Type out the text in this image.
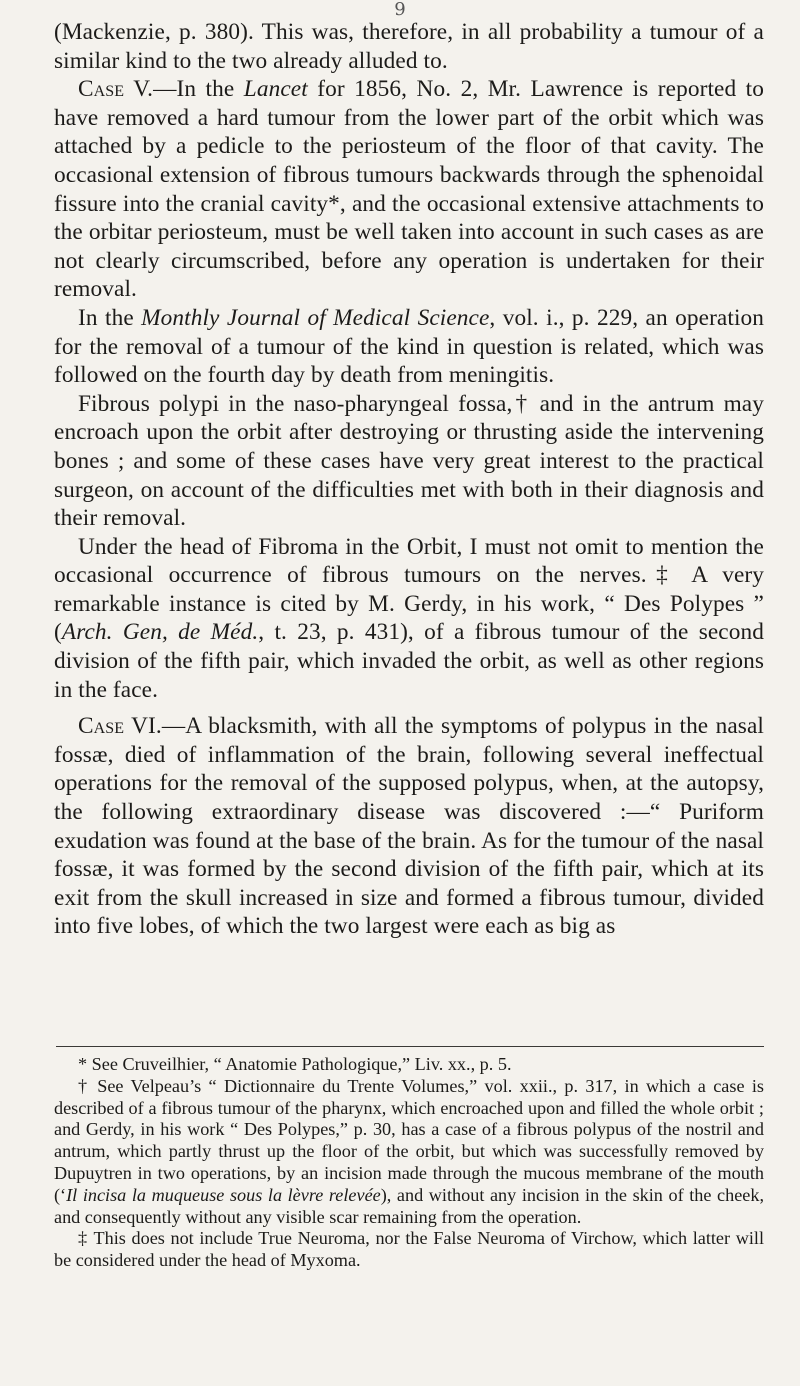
9

(Mackenzie, p. 380). This was, therefore, in all probability a tumour of a similar kind to the two already alluded to.

Case V.—In the Lancet for 1856, No. 2, Mr. Lawrence is reported to have removed a hard tumour from the lower part of the orbit which was attached by a pedicle to the periosteum of the floor of that cavity. The occasional extension of fibrous tumours backwards through the sphenoidal fissure into the cranial cavity*, and the occasional extensive attachments to the orbitar periosteum, must be well taken into account in such cases as are not clearly circumscribed, before any operation is undertaken for their removal.

In the Monthly Journal of Medical Science, vol. i., p. 229, an operation for the removal of a tumour of the kind in question is related, which was followed on the fourth day by death from meningitis.

Fibrous polypi in the naso-pharyngeal fossa,† and in the antrum may encroach upon the orbit after destroying or thrusting aside the intervening bones ; and some of these cases have very great interest to the practical surgeon, on account of the difficulties met with both in their diagnosis and their removal.

Under the head of Fibroma in the Orbit, I must not omit to mention the occasional occurrence of fibrous tumours on the nerves.‡ A very remarkable instance is cited by M. Gerdy, in his work, “ Des Polypes ” (Arch. Gen, de Méd., t. 23, p. 431), of a fibrous tumour of the second division of the fifth pair, which invaded the orbit, as well as other regions in the face.

Case VI.—A blacksmith, with all the symptoms of polypus in the nasal fossæ, died of inflammation of the brain, following several ineffectual operations for the removal of the supposed polypus, when, at the autopsy, the following extraordinary disease was discovered :—“ Puriform exudation was found at the base of the brain. As for the tumour of the nasal fossæ, it was formed by the second division of the fifth pair, which at its exit from the skull increased in size and formed a fibrous tumour, divided into five lobes, of which the two largest were each as big as

* See Cruveilhier, “ Anatomie Pathologique,” Liv. xx., p. 5.

† See Velpeau’s “ Dictionnaire du Trente Volumes,” vol. xxii., p. 317, in which a case is described of a fibrous tumour of the pharynx, which encroached upon and filled the whole orbit ; and Gerdy, in his work “ Des Polypes,” p. 30, has a case of a fibrous polypus of the nostril and antrum, which partly thrust up the floor of the orbit, but which was successfully removed by Dupuytren in two operations, by an incision made through the mucous membrane of the mouth (‘Il incisa la muqueuse sous la lèvre relevée), and without any incision in the skin of the cheek, and consequently without any visible scar remaining from the operation.

‡ This does not include True Neuroma, nor the False Neuroma of Virchow, which latter will be considered under the head of Myxoma.
